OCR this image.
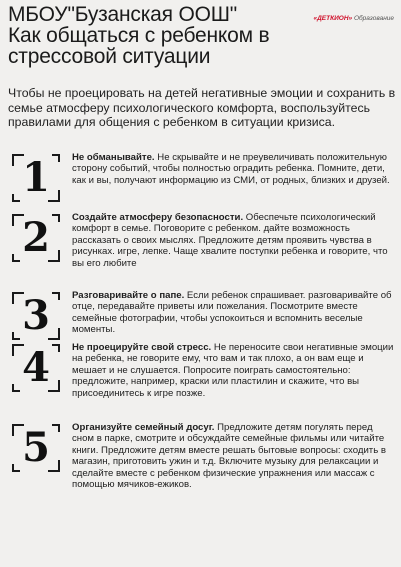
МБОУ"Бузанская ООШ"
Как общаться с ребенком в
стрессовой ситуации
«ДЕТКИОН» Образование

Чтобы не проецировать на детей негативные эмоции и сохранить в семье атмосферу психологического комфорта, воспользуйтесь правилами для общения с ребенком в ситуации кризиса.

1 Не обманывайте. Не скрывайте и не преувеличивать положительную сторону событий, чтобы полностью оградить ребенка. Помните, дети, как и вы, получают информацию из СМИ, от родных, близких и друзей.

2 Создайте атмосферу безопасности. Обеспечьте психологический комфорт в семье. Поговорите с ребенком. дайте возможность рассказать о своих мыслях. Предложите детям проявить чувства в рисунках. игре, лепке. Чаще хвалите поступки ребенка и говорите, что вы его любите

3 Разговаривайте о папе. Если ребенок спрашивает. разговаривайте об отце, передавайте приветы или пожелания. Посмотрите вместе семейные фотографии, чтобы успокоиться и вспомнить веселые моменты.

4 Не проецируйте свой стресс. Не переносите свои негативные эмоции на ребенка, не говорите ему, что вам и так плохо, а он вам еще и мешает и не слушается. Попросите поиграть самостоятельно: предложите, например, краски или пластилин и скажите, что вы присоединитесь к игре позже.

5 Организуйте семейный досуг. Предложите детям погулять перед сном в парке, смотрите и обсуждайте семейные фильмы или читайте книги. Предложите детям вместе решать бытовые вопросы: сходить в магазин, приготовить ужин и т.д. Включите музыку для релаксации и сделайте вместе с ребенком физические упражнения или массаж с помощью мячиков-ежиков.
